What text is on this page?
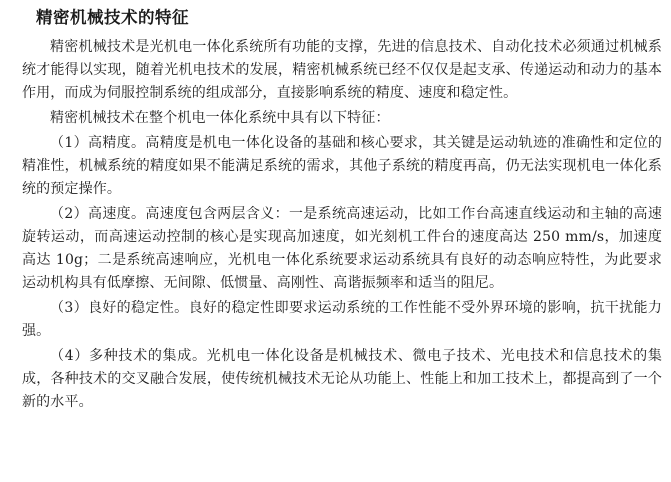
精密机械技术的特征

精密机械技术是光机电一体化系统所有功能的支撑，先进的信息技术、自动化技术必须通过机械系统才能得以实现，随着光机电技术的发展，精密机械系统已经不仅仅是起支承、传递运动和动力的基本作用，而成为伺服控制系统的组成部分，直接影响系统的精度、速度和稳定性。

精密机械技术在整个机电一体化系统中具有以下特征：

（1）高精度。高精度是机电一体化设备的基础和核心要求，其关键是运动轨迹的准确性和定位的精准性，机械系统的精度如果不能满足系统的需求，其他子系统的精度再高，仍无法实现机电一体化系统的预定操作。

（2）高速度。高速度包含两层含义：一是系统高速运动，比如工作台高速直线运动和主轴的高速旋转运动，而高速运动控制的核心是实现高加速度，如光刻机工件台的速度高达 250 mm/s，加速度高达 10g；二是系统高速响应，光机电一体化系统要求运动系统具有良好的动态响应特性，为此要求运动机构具有低摩擦、无间隙、低惯量、高刚性、高谐振频率和适当的阻尼。

（3）良好的稳定性。良好的稳定性即要求运动系统的工作性能不受外界环境的影响，抗干扰能力强。

（4）多种技术的集成。光机电一体化设备是机械技术、微电子技术、光电技术和信息技术的集成，各种技术的交叉融合发展，使传统机械技术无论从功能上、性能上和加工技术上，都提高到了一个新的水平。
